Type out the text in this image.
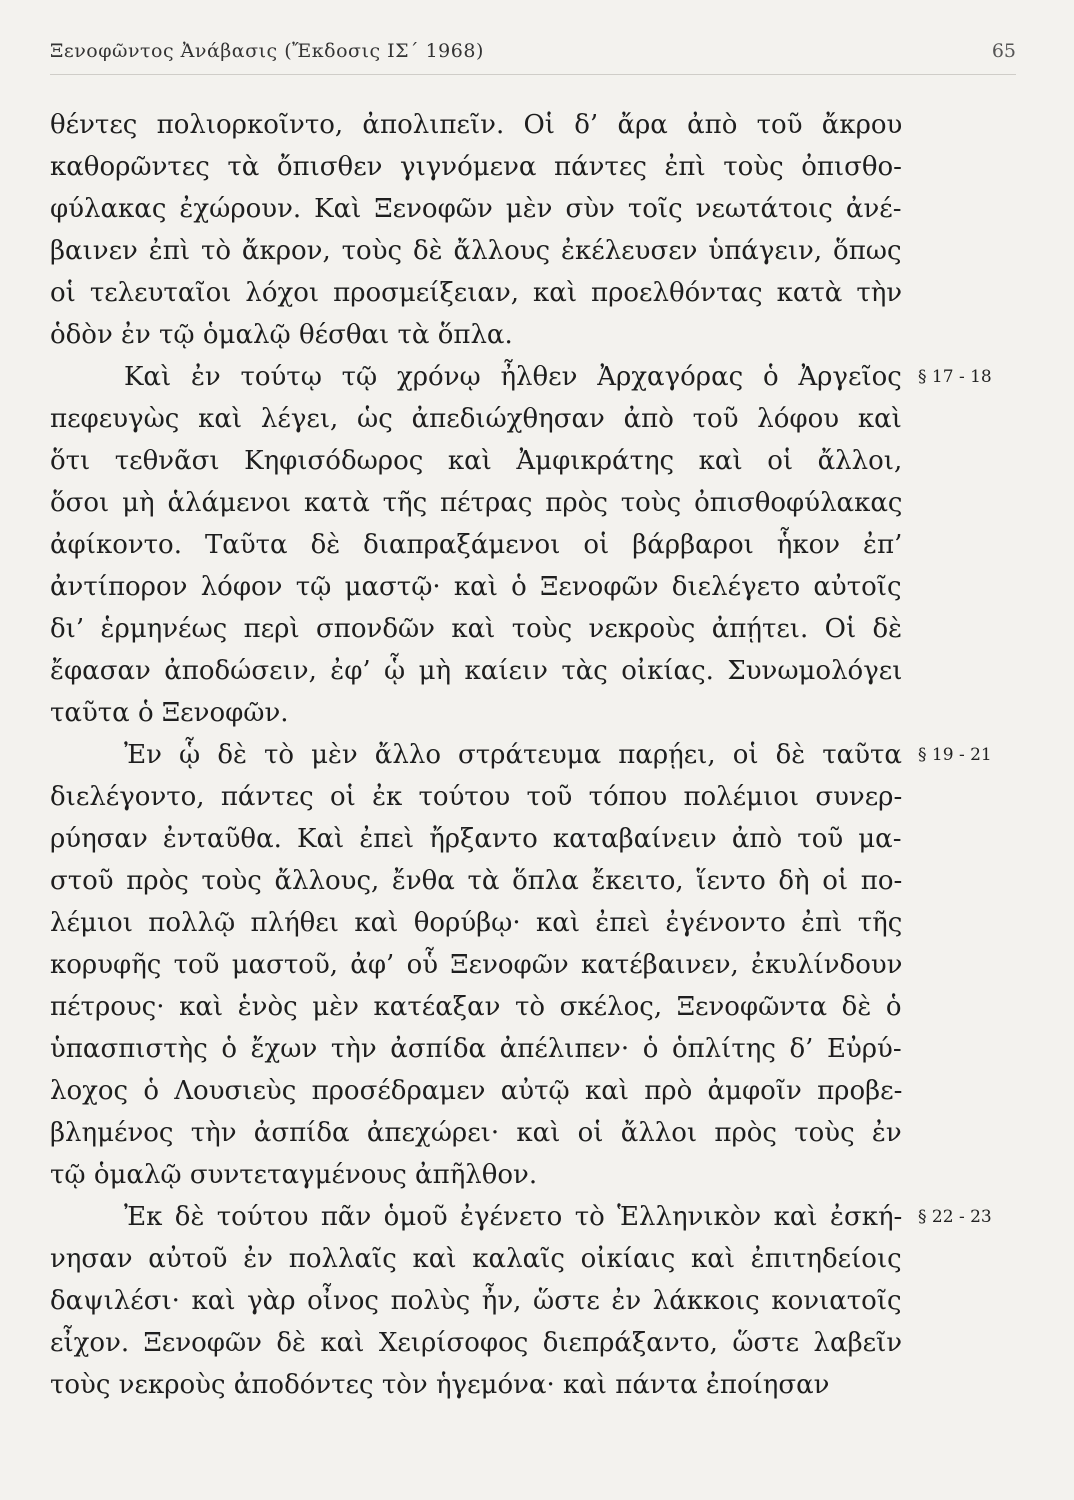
Ξενοφῶντος Ἀνάβασις (Ἔκδοσις ΙΣ΄ 1968)	65
θέντες πολιορκοῖντο, ἀπολιπεῖν. Οἱ δ’ ἄρα ἀπὸ τοῦ ἄκρου
καθορῶντες τὰ ὄπισθεν γιγνόμενα πάντες ἐπὶ τοὺς ὀπισθο-
φύλακας ἐχώρουν. Καὶ Ξενοφῶν μὲν σὺν τοῖς νεωτάτοις ἀνέ-
βαινεν ἐπὶ τὸ ἄκρον, τοὺς δὲ ἄλλους ἐκέλευσεν ὑπάγειν, ὅπως
οἱ τελευταῖοι λόχοι προσμείξειαν, καὶ προελθόντας κατὰ τὴν
ὁδὸν ἐν τῷ ὁμαλῷ θέσθαι τὰ ὅπλα.
Καὶ ἐν τούτῳ τῷ χρόνῳ ἦλθεν Ἀρχαγόρας ὁ Ἀργεῖος
πεφευγὼς καὶ λέγει, ὡς ἀπεδιώχθησαν ἀπὸ τοῦ λόφου καὶ
ὅτι τεθνᾶσι Κηφισόδωρος καὶ Ἀμφικράτης καὶ οἱ ἄλλοι,
ὅσοι μὴ ἁλάμενοι κατὰ τῆς πέτρας πρὸς τοὺς ὀπισθοφύλακας
ἀφίκοντο. Ταῦτα δὲ διαπραξάμενοι οἱ βάρβαροι ἧκον ἐπ’
ἀντίπορον λόφον τῷ μαστῷ· καὶ ὁ Ξενοφῶν διελέγετο αὐτοῖς
δι’ ἑρμηνέως περὶ σπονδῶν καὶ τοὺς νεκροὺς ἀπῄτει. Οἱ δὲ
ἔφασαν ἀποδώσειν, ἐφ’ ᾧ μὴ καίειν τὰς οἰκίας. Συνωμολόγει
ταῦτα ὁ Ξενοφῶν.
Ἐν ᾧ δὲ τὸ μὲν ἄλλο στράτευμα παρῄει, οἱ δὲ ταῦτα
διελέγοντο, πάντες οἱ ἐκ τούτου τοῦ τόπου πολέμιοι συνερ-
ρύησαν ἐνταῦθα. Καὶ ἐπεὶ ἤρξαντο καταβαίνειν ἀπὸ τοῦ μα-
στοῦ πρὸς τοὺς ἄλλους, ἔνθα τὰ ὅπλα ἔκειτο, ἵεντο δὴ οἱ πο-
λέμιοι πολλῷ πλήθει καὶ θορύβῳ· καὶ ἐπεὶ ἐγένοντο ἐπὶ τῆς
κορυφῆς τοῦ μαστοῦ, ἀφ’ οὗ Ξενοφῶν κατέβαινεν, ἐκυλίνδουν
πέτρους· καὶ ἑνὸς μὲν κατέαξαν τὸ σκέλος, Ξενοφῶντα δὲ ὁ
ὑπασπιστὴς ὁ ἔχων τὴν ἀσπίδα ἀπέλιπεν· ὁ ὁπλίτης δ’ Εὐρύ-
λοχος ὁ Λουσιεὺς προσέδραμεν αὐτῷ καὶ πρὸ ἀμφοῖν προβε-
βλημένος τὴν ἀσπίδα ἀπεχώρει· καὶ οἱ ἄλλοι πρὸς τοὺς ἐν
τῷ ὁμαλῷ συντεταγμένους ἀπῆλθον.
Ἐκ δὲ τούτου πᾶν ὁμοῦ ἐγένετο τὸ Ἑλληνικὸν καὶ ἐσκή-
νησαν αὐτοῦ ἐν πολλαῖς καὶ καλαῖς οἰκίαις καὶ ἐπιτηδείοις
δαψιλέσι· καὶ γὰρ οἶνος πολὺς ἦν, ὥστε ἐν λάκκοις κονιατοῖς
εἶχον. Ξενοφῶν δὲ καὶ Χειρίσοφος διεπράξαντο, ὥστε λαβεῖν
τοὺς νεκροὺς ἀποδόντες τὸν ἡγεμόνα· καὶ πάντα ἐποίησαν
§ 17 - 18
§ 19 - 21
§ 22 - 23
